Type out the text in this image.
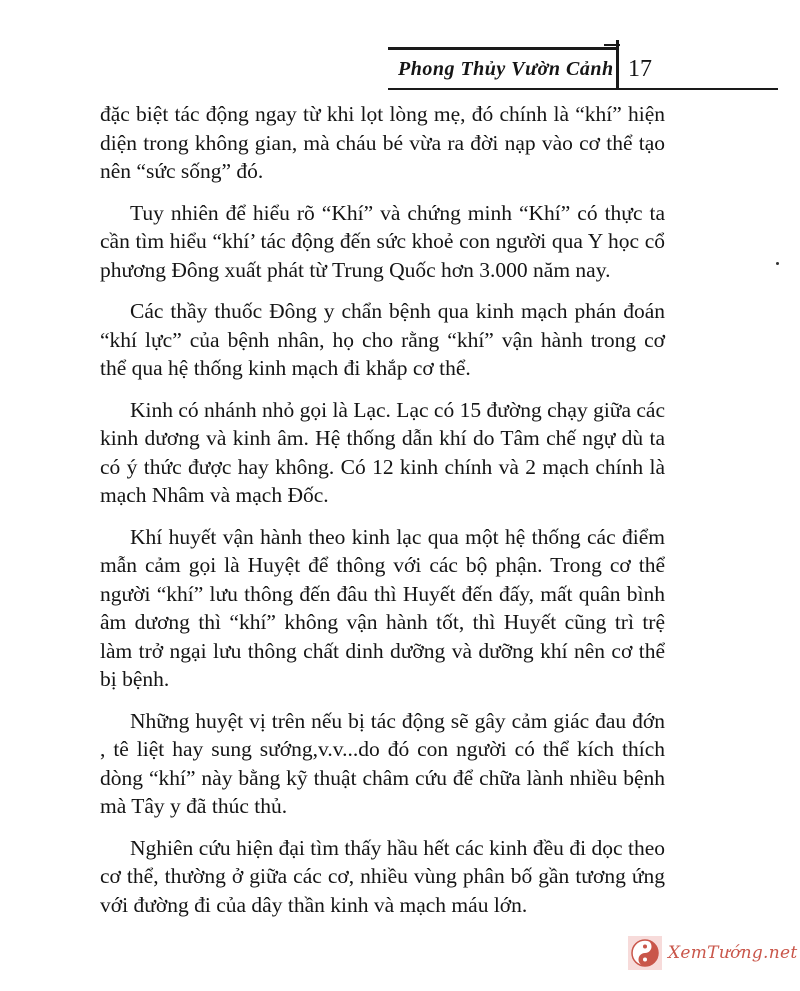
Phong Thủy Vườn Cảnh 17

đặc biệt tác động ngay từ khi lọt lòng mẹ, đó chính là “khí” hiện diện trong không gian, mà cháu bé vừa ra đời nạp vào cơ thể tạo nên “sức sống” đó.

Tuy nhiên để hiểu rõ “Khí” và chứng minh “Khí” có thực ta cần tìm hiểu “khí’ tác động đến sức khoẻ con người qua Y học cổ phương Đông xuất phát từ Trung Quốc hơn 3.000 năm nay.

Các thầy thuốc Đông y chẩn bệnh qua kinh mạch phán đoán “khí lực” của bệnh nhân, họ cho rằng “khí” vận hành trong cơ thể qua hệ thống kinh mạch đi khắp cơ thể.

Kinh có nhánh nhỏ gọi là Lạc. Lạc có 15 đường chạy giữa các kinh dương và kinh âm. Hệ thống dẫn khí do Tâm chế ngự dù ta có ý thức được hay không. Có 12 kinh chính và 2 mạch chính là mạch Nhâm và mạch Đốc.

Khí huyết vận hành theo kinh lạc qua một hệ thống các điểm mẫn cảm gọi là Huyệt để thông với các bộ phận. Trong cơ thể người “khí” lưu thông đến đâu thì Huyết đến đấy, mất quân bình âm dương thì “khí” không vận hành tốt, thì Huyết cũng trì trệ làm trở ngại lưu thông chất dinh dưỡng và dưỡng khí nên cơ thể bị bệnh.

Những huyệt vị trên nếu bị tác động sẽ gây cảm giác đau đớn , tê liệt hay sung sướng,v.v...do đó con người có thể kích thích dòng “khí” này bằng kỹ thuật châm cứu để chữa lành nhiều bệnh mà Tây y đã thúc thủ.

Nghiên cứu hiện đại tìm thấy hầu hết các kinh đều đi dọc theo cơ thể, thường ở giữa các cơ, nhiều vùng phân bố gần tương ứng với đường đi của dây thần kinh và mạch máu lớn.

XemTướng.net
